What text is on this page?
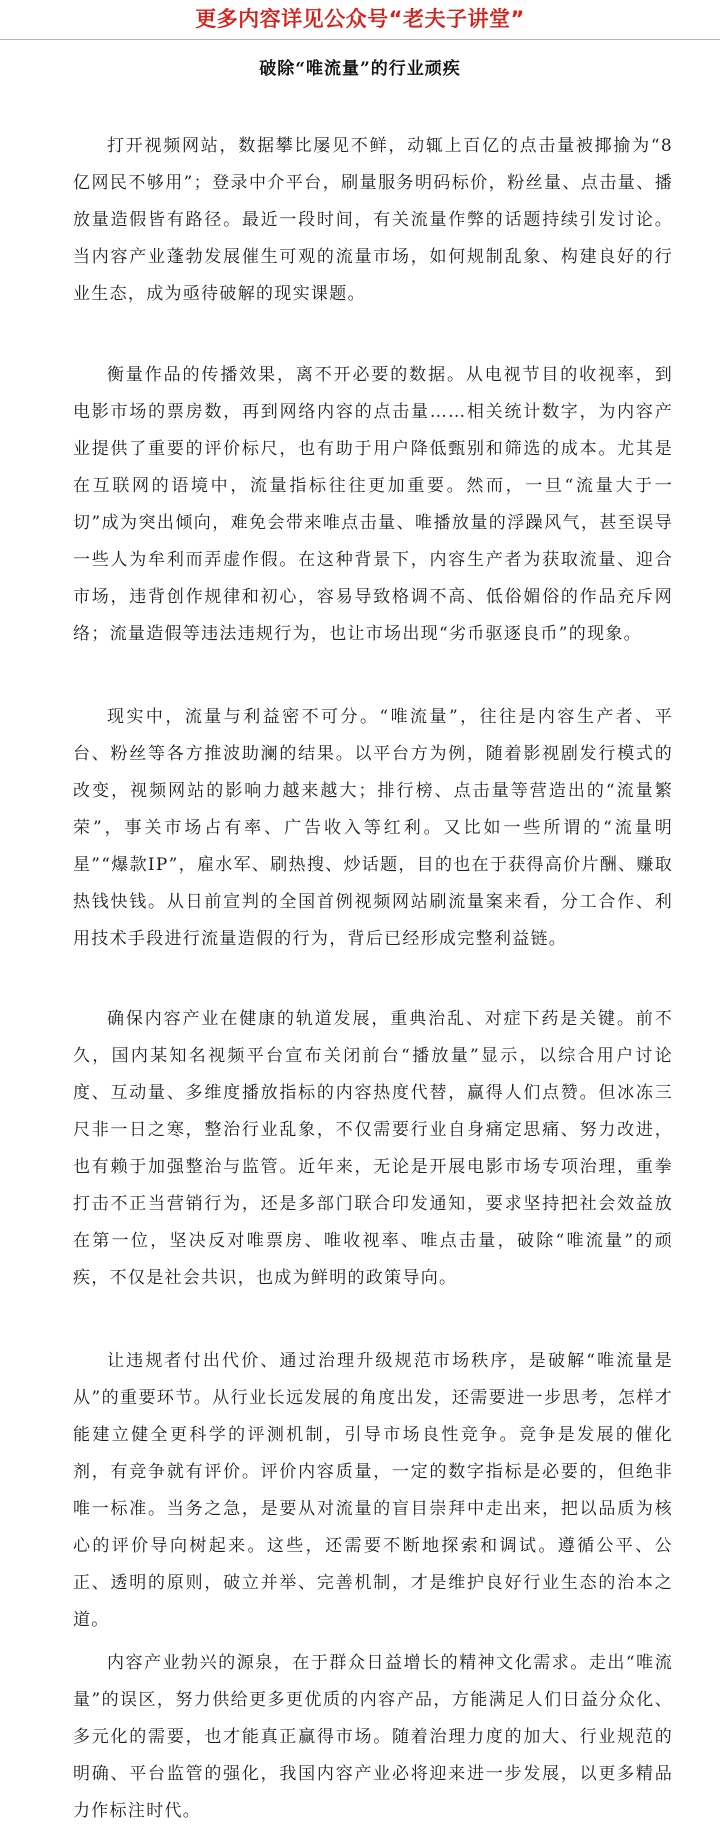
更多内容详见公众号“老夫子讲堂”
破除“唯流量”的行业顽疾

打开视频网站，数据攀比屡见不鲜，动辄上百亿的点击量被揶揄为“8亿网民不够用”；登录中介平台，刷量服务明码标价，粉丝量、点击量、播放量造假皆有路径。最近一段时间，有关流量作弊的话题持续引发讨论。当内容产业蓬勃发展催生可观的流量市场，如何规制乱象、构建良好的行业生态，成为亟待破解的现实课题。

衡量作品的传播效果，离不开必要的数据。从电视节目的收视率，到电影市场的票房数，再到网络内容的点击量……相关统计数字，为内容产业提供了重要的评价标尺，也有助于用户降低甄别和筛选的成本。尤其是在互联网的语境中，流量指标往往更加重要。然而，一旦“流量大于一切”成为突出倾向，难免会带来唯点击量、唯播放量的浮躁风气，甚至误导一些人为牟利而弄虚作假。在这种背景下，内容生产者为获取流量、迎合市场，违背创作规律和初心，容易导致格调不高、低俗媚俗的作品充斥网络；流量造假等违法违规行为，也让市场出现“劣币驱逐良币”的现象。

现实中，流量与利益密不可分。“唯流量”，往往是内容生产者、平台、粉丝等各方推波助澜的结果。以平台方为例，随着影视剧发行模式的改变，视频网站的影响力越来越大；排行榜、点击量等营造出的“流量繁荣”，事关市场占有率、广告收入等红利。又比如一些所谓的“流量明星”“爆款IP”，雇水军、刷热搜、炒话题，目的也在于获得高价片酬、赚取热钱快钱。从日前宣判的全国首例视频网站刷流量案来看，分工合作、利用技术手段进行流量造假的行为，背后已经形成完整利益链。

确保内容产业在健康的轨道发展，重典治乱、对症下药是关键。前不久，国内某知名视频平台宣布关闭前台“播放量”显示，以综合用户讨论度、互动量、多维度播放指标的内容热度代替，赢得人们点赞。但冰冻三尺非一日之寒，整治行业乱象，不仅需要行业自身痛定思痛、努力改进，也有赖于加强整治与监管。近年来，无论是开展电影市场专项治理，重拳打击不正当营销行为，还是多部门联合印发通知，要求坚持把社会效益放在第一位，坚决反对唯票房、唯收视率、唯点击量，破除“唯流量”的顽疾，不仅是社会共识，也成为鲜明的政策导向。

让违规者付出代价、通过治理升级规范市场秩序，是破解“唯流量是从”的重要环节。从行业长远发展的角度出发，还需要进一步思考，怎样才能建立健全更科学的评测机制，引导市场良性竞争。竞争是发展的催化剂，有竞争就有评价。评价内容质量，一定的数字指标是必要的，但绝非唯一标准。当务之急，是要从对流量的盲目崇拜中走出来，把以品质为核心的评价导向树起来。这些，还需要不断地探索和调试。遵循公平、公正、透明的原则，破立并举、完善机制，才是维护良好行业生态的治本之道。

内容产业勃兴的源泉，在于群众日益增长的精神文化需求。走出“唯流量”的误区，努力供给更多更优质的内容产品，方能满足人们日益分众化、多元化的需要，也才能真正赢得市场。随着治理力度的加大、行业规范的明确、平台监管的强化，我国内容产业必将迎来进一步发展，以更多精品力作标注时代。
